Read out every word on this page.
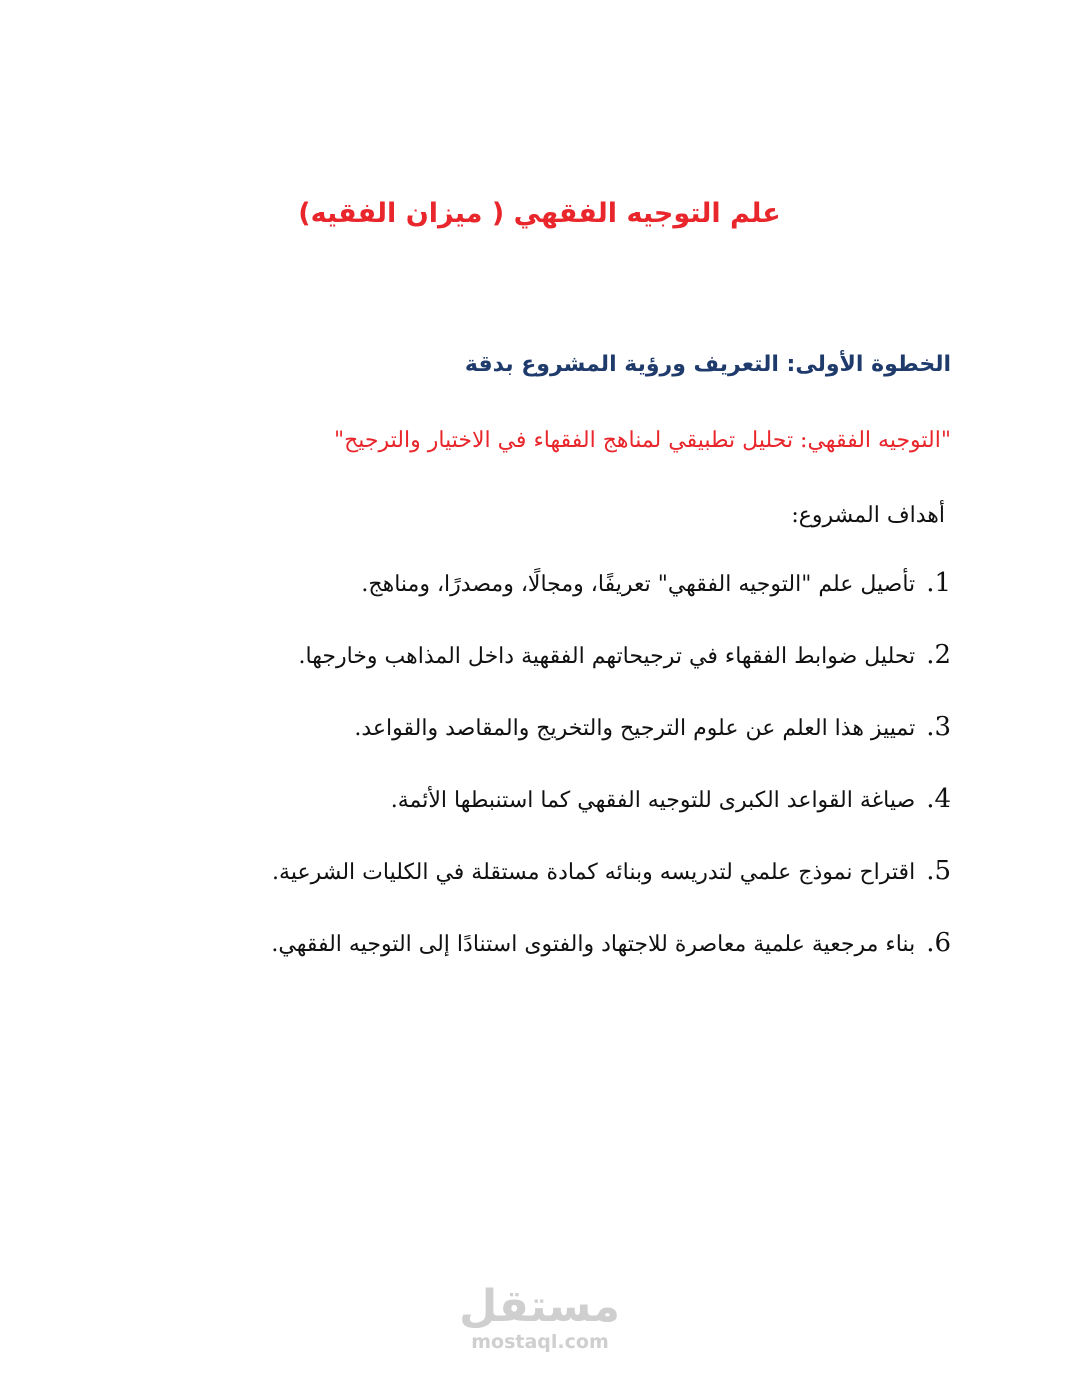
علم التوجيه الفقهي ( ميزان الفقيه)
الخطوة الأولى: التعريف ورؤية المشروع بدقة
"التوجيه الفقهي: تحليل تطبيقي لمناهج الفقهاء في الاختيار والترجيح"
أهداف المشروع:
1. تأصيل علم "التوجيه الفقهي" تعريفًا، ومجالًا، ومصدرًا، ومناهج.
2. تحليل ضوابط الفقهاء في ترجيحاتهم الفقهية داخل المذاهب وخارجها.
3. تمييز هذا العلم عن علوم الترجيح والتخريج والمقاصد والقواعد.
4. صياغة القواعد الكبرى للتوجيه الفقهي كما استنبطها الأئمة.
5. اقتراح نموذج علمي لتدريسه وبنائه كمادة مستقلة في الكليات الشرعية.
6. بناء مرجعية علمية معاصرة للاجتهاد والفتوى استنادًا إلى التوجيه الفقهي.
مستقل
mostaql.com
